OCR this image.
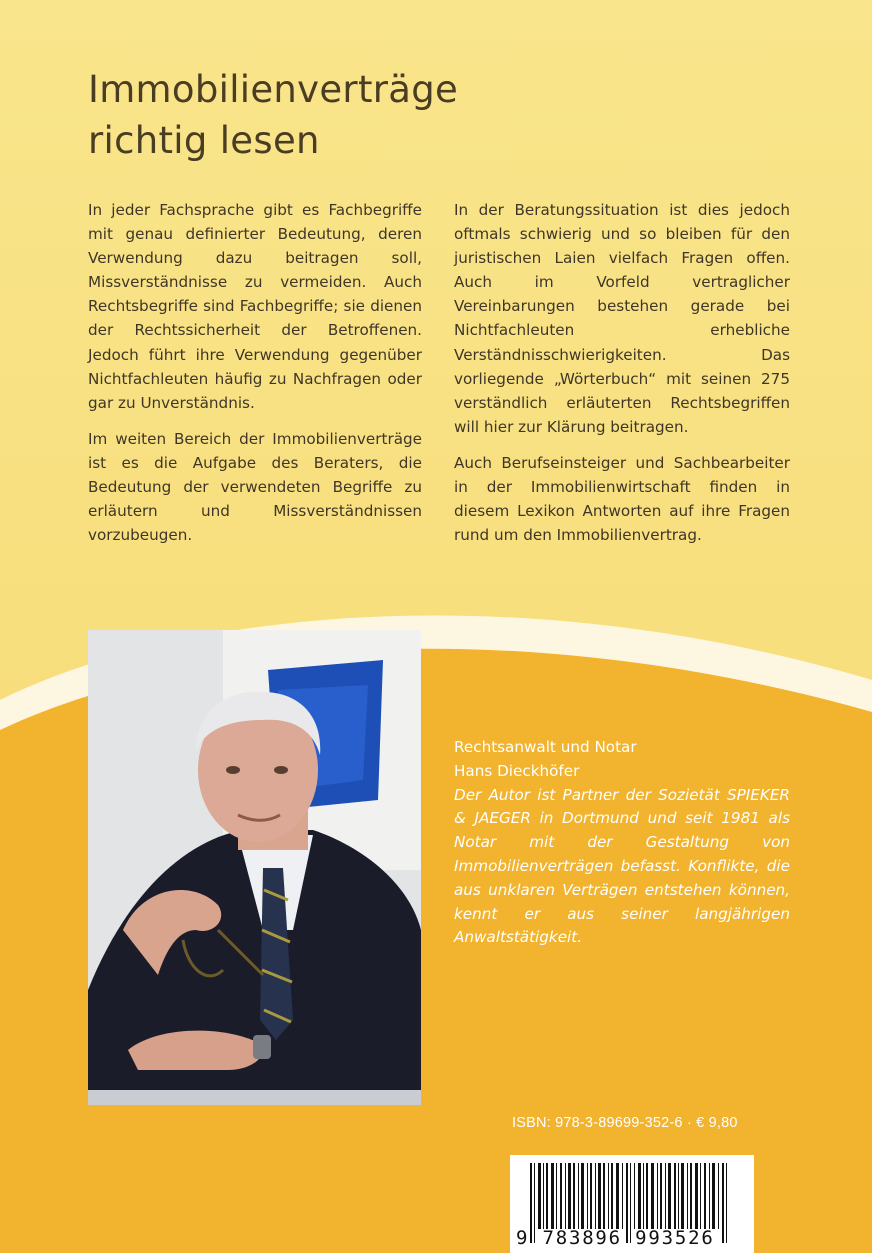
Immobilienverträge
richtig lesen

In jeder Fachsprache gibt es Fachbegriffe mit genau definierter Bedeutung, deren Verwendung dazu beitragen soll, Missverständnisse zu vermeiden. Auch Rechtsbegriffe sind Fachbegriffe; sie dienen der Rechtssicherheit der Betroffenen. Jedoch führt ihre Verwendung gegenüber Nichtfachleuten häufig zu Nachfragen oder gar zu Unverständnis.

Im weiten Bereich der Immobilienverträge ist es die Aufgabe des Beraters, die Bedeutung der verwendeten Begriffe zu erläutern und Missverständnissen vorzubeugen.

In der Beratungssituation ist dies jedoch oftmals schwierig und so bleiben für den juristischen Laien vielfach Fragen offen. Auch im Vorfeld vertraglicher Vereinbarungen bestehen gerade bei Nichtfachleuten erhebliche Verständnisschwierigkeiten. Das vorliegende „Wörterbuch“ mit seinen 275 verständlich erläuterten Rechtsbegriffen will hier zur Klärung beitragen.

Auch Berufseinsteiger und Sachbearbeiter in der Immobilienwirtschaft finden in diesem Lexikon Antworten auf ihre Fragen rund um den Immobilienvertrag.

Rechtsanwalt und Notar
Hans Dieckhöfer
Der Autor ist Partner der Sozietät SPIEKER & JAEGER in Dortmund und seit 1981 als Notar mit der Gestaltung von Immobilienverträgen befasst. Konflikte, die aus unklaren Verträgen entstehen können, kennt er aus seiner langjährigen Anwaltstätigkeit.
ISBN: 978-3-89699-352-6 · € 9,80
9 783896 993526
